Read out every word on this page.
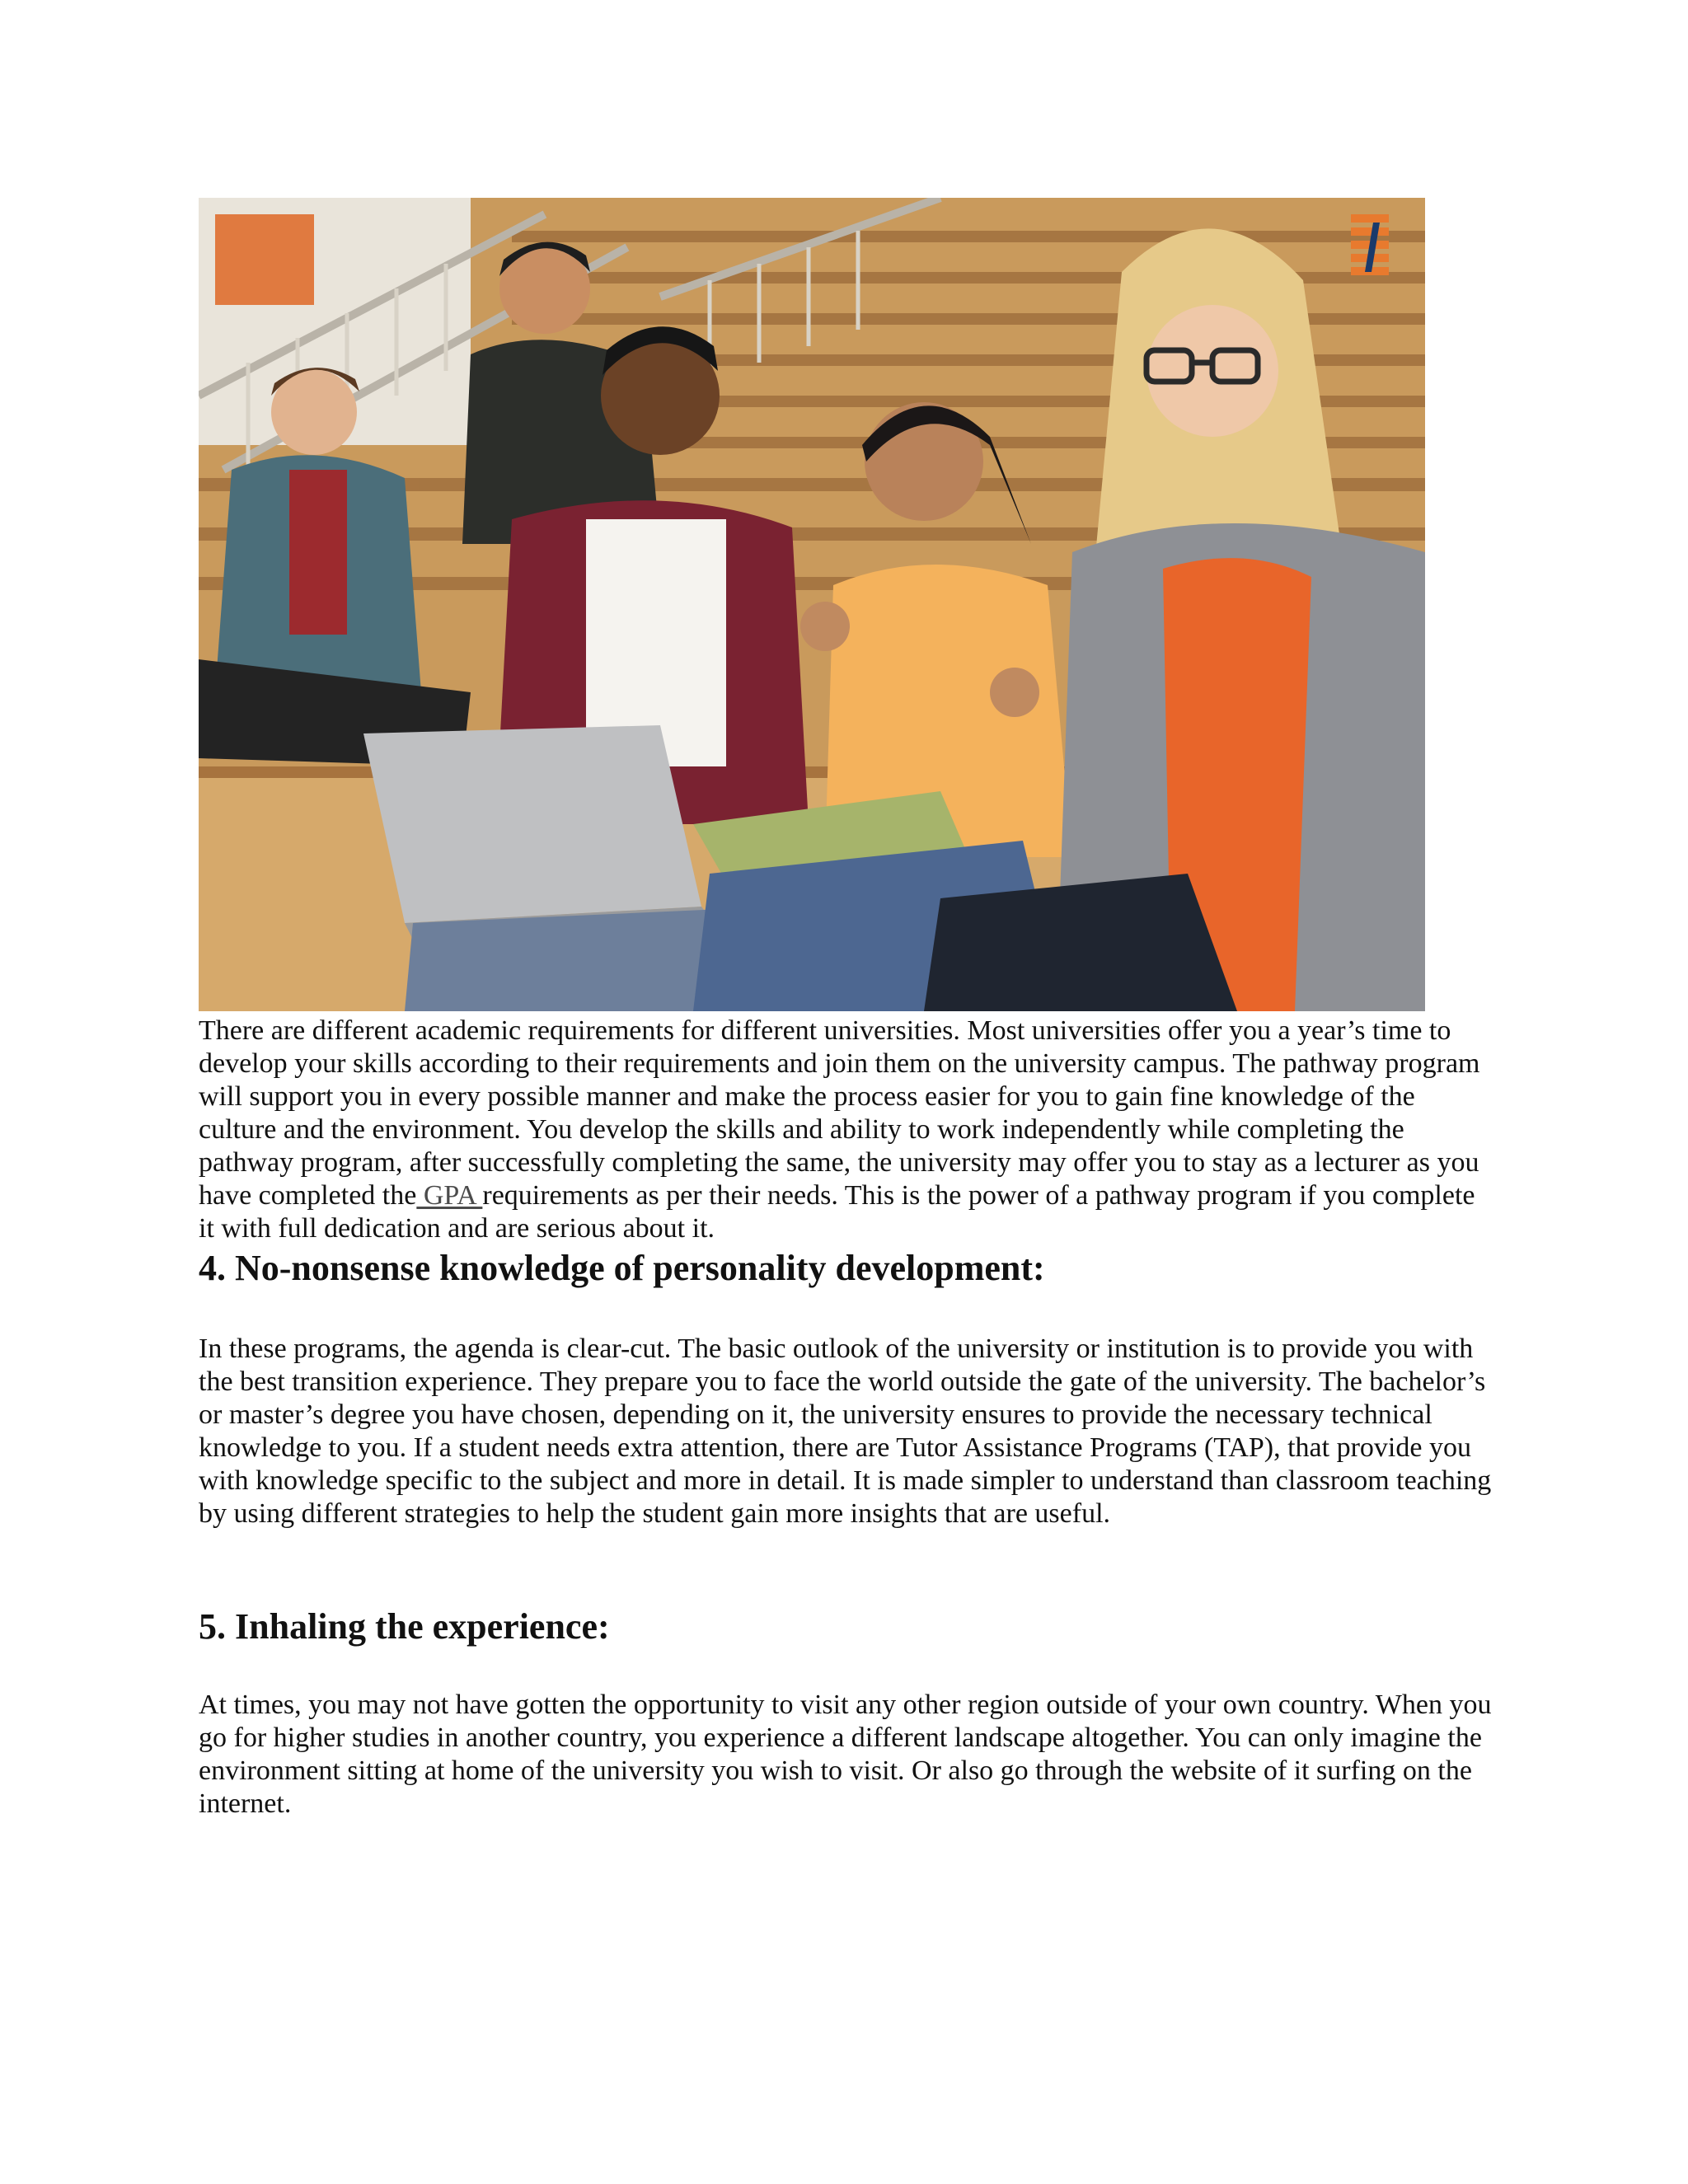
There are different academic requirements for different universities. Most universities offer you a year’s time to develop your skills according to their requirements and join them on the university campus. The pathway program will support you in every possible manner and make the process easier for you to gain fine knowledge of the culture and the environment. You develop the skills and ability to work independently while completing the pathway program, after successfully completing the same, the university may offer you to stay as a lecturer as you have completed the GPA requirements as per their needs. This is the power of a pathway program if you complete it with full dedication and are serious about it.

4. No-nonsense knowledge of personality development:

In these programs, the agenda is clear-cut. The basic outlook of the university or institution is to provide you with the best transition experience. They prepare you to face the world outside the gate of the university. The bachelor’s or master’s degree you have chosen, depending on it, the university ensures to provide the necessary technical knowledge to you. If a student needs extra attention, there are Tutor Assistance Programs (TAP), that provide you with knowledge specific to the subject and more in detail. It is made simpler to understand than classroom teaching by using different strategies to help the student gain more insights that are useful.

5. Inhaling the experience:

At times, you may not have gotten the opportunity to visit any other region outside of your own country. When you go for higher studies in another country, you experience a different landscape altogether. You can only imagine the environment sitting at home of the university you wish to visit. Or also go through the website of it surfing on the internet.
